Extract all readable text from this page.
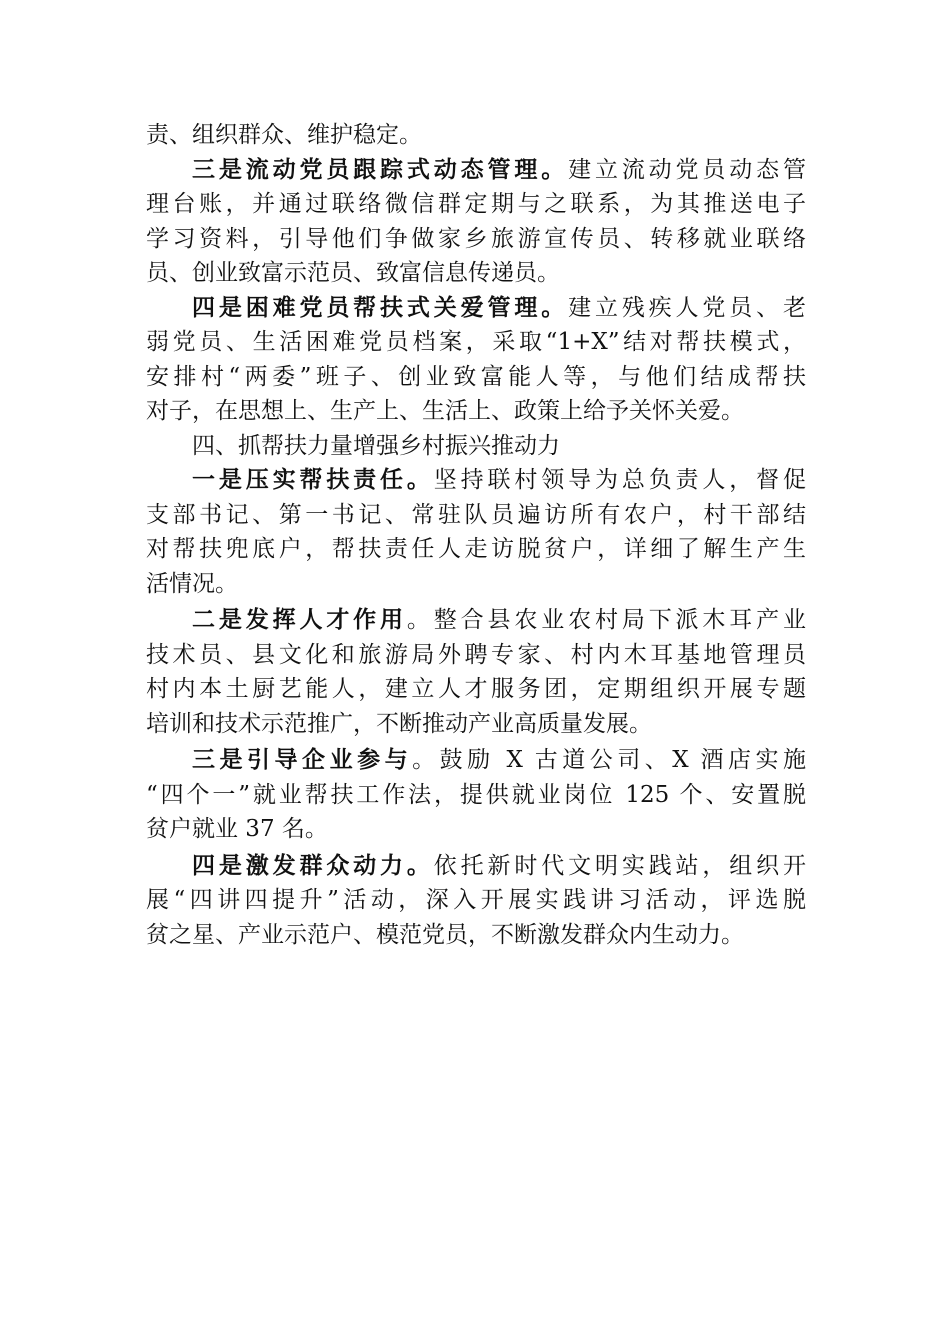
责、组织群众、维护稳定。
三是流动党员跟踪式动态管理。建立流动党员动态管
理台账，并通过联络微信群定期与之联系，为其推送电子
学习资料，引导他们争做家乡旅游宣传员、转移就业联络
员、创业致富示范员、致富信息传递员。
四是困难党员帮扶式关爱管理。建立残疾人党员、老
弱党员、生活困难党员档案，采取“1+X”结对帮扶模式，
安排村“两委”班子、创业致富能人等，与他们结成帮扶
对子，在思想上、生产上、生活上、政策上给予关怀关爱。
四、抓帮扶力量增强乡村振兴推动力
一是压实帮扶责任。坚持联村领导为总负责人，督促
支部书记、第一书记、常驻队员遍访所有农户，村干部结
对帮扶兜底户，帮扶责任人走访脱贫户，详细了解生产生
活情况。
二是发挥人才作用。整合县农业农村局下派木耳产业
技术员、县文化和旅游局外聘专家、村内木耳基地管理员
村内本土厨艺能人，建立人才服务团，定期组织开展专题
培训和技术示范推广，不断推动产业高质量发展。
三是引导企业参与。鼓励 X 古道公司、X 酒店实施
“四个一”就业帮扶工作法，提供就业岗位 125 个、安置脱
贫户就业 37 名。
四是激发群众动力。依托新时代文明实践站，组织开
展“四讲四提升”活动，深入开展实践讲习活动，评选脱
贫之星、产业示范户、模范党员，不断激发群众内生动力。
